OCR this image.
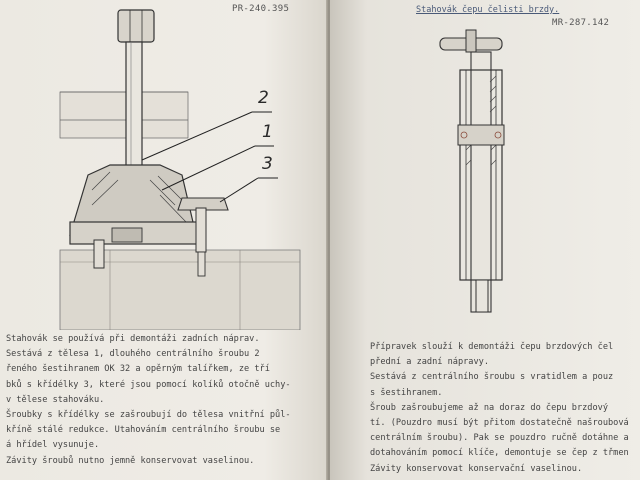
PR-240.395
2
1
3
Stahovák se používá při demontáži zadních náprav.
Sestává z tělesa 1, dlouhého centrálního šroubu 2
řeného šestihranem OK 32 a opěrným talířkem, ze tří
bků s křídélky 3, které jsou pomocí kolíků otočně uchy-
v tělese stahováku.
Šroubky s křídélky se zašroubují do tělesa vnitřní půl-
kříně stálé redukce. Utahováním centrálního šroubu se
á hřídel vysunuje.
Závity šroubů nutno jemně konservovat vaselinou.
Stahovák čepu čelisti brzdy.
MR-287.142
Přípravek slouží k demontáži čepu brzdových čel
přední a zadní nápravy.
Sestává z centrálního šroubu s vratidlem a pouz
s šestihranem.
Šroub zašroubujeme až na doraz do čepu brzdový
tí. (Pouzdro musí být přitom dostatečně našroubová
centrálním šroubu). Pak se pouzdro ručně dotáhne a
dotahováním pomocí klíče, demontuje se čep z třmen
Závity konservovat konservační vaselinou.
